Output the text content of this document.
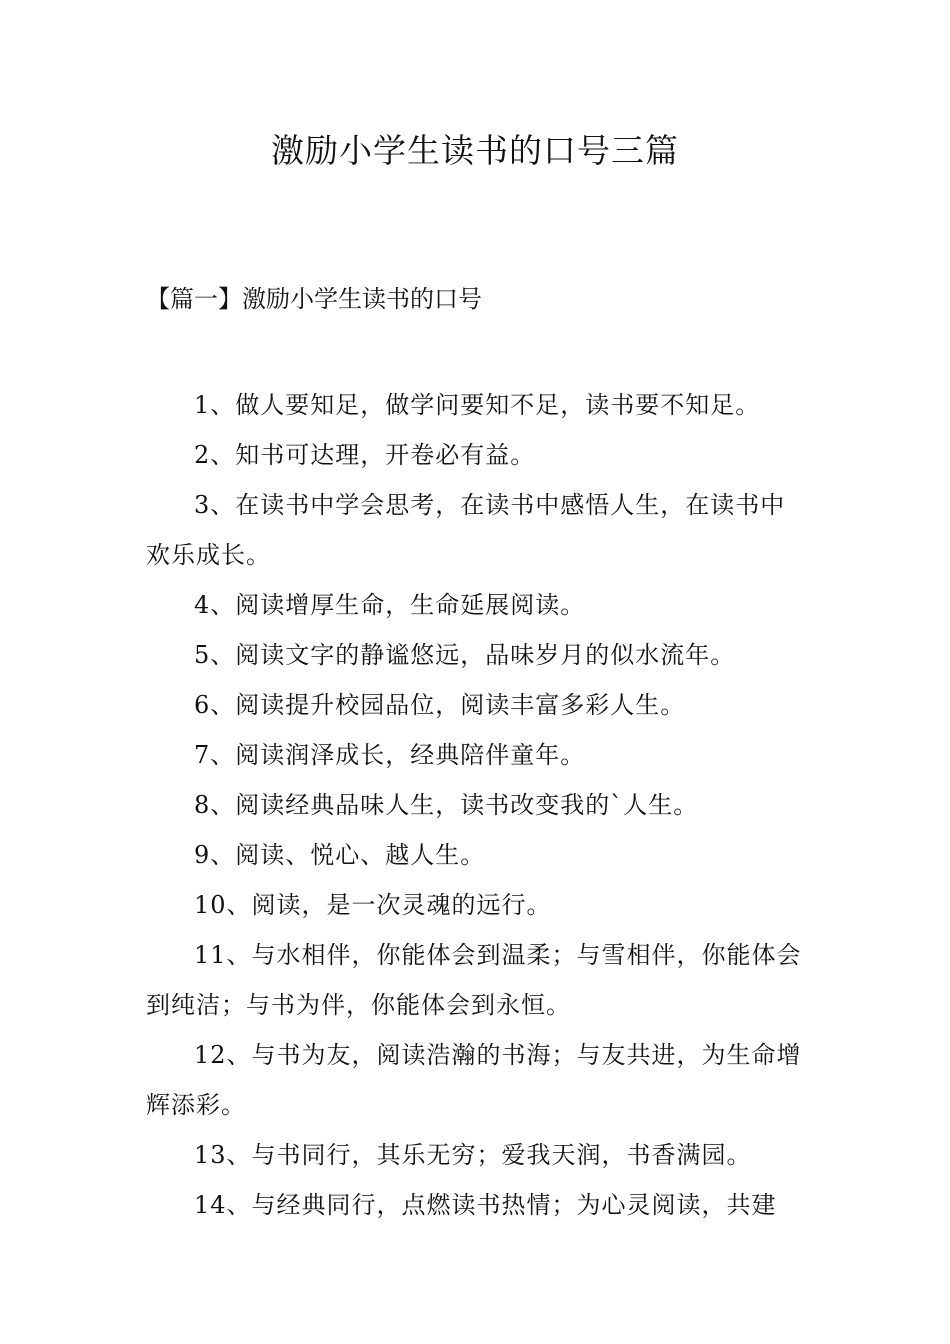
激励小学生读书的口号三篇
【篇一】激励小学生读书的口号
1、做人要知足，做学问要知不足，读书要不知足。
2、知书可达理，开卷必有益。
3、在读书中学会思考，在读书中感悟人生，在读书中欢乐成长。
4、阅读增厚生命，生命延展阅读。
5、阅读文字的静谧悠远，品味岁月的似水流年。
6、阅读提升校园品位，阅读丰富多彩人生。
7、阅读润泽成长，经典陪伴童年。
8、阅读经典品味人生，读书改变我的`人生。
9、阅读、悦心、越人生。
10、阅读，是一次灵魂的远行。
11、与水相伴，你能体会到温柔；与雪相伴，你能体会到纯洁；与书为伴，你能体会到永恒。
12、与书为友，阅读浩瀚的书海；与友共进，为生命增辉添彩。
13、与书同行，其乐无穷；爱我天润，书香满园。
14、与经典同行，点燃读书热情；为心灵阅读，共建
